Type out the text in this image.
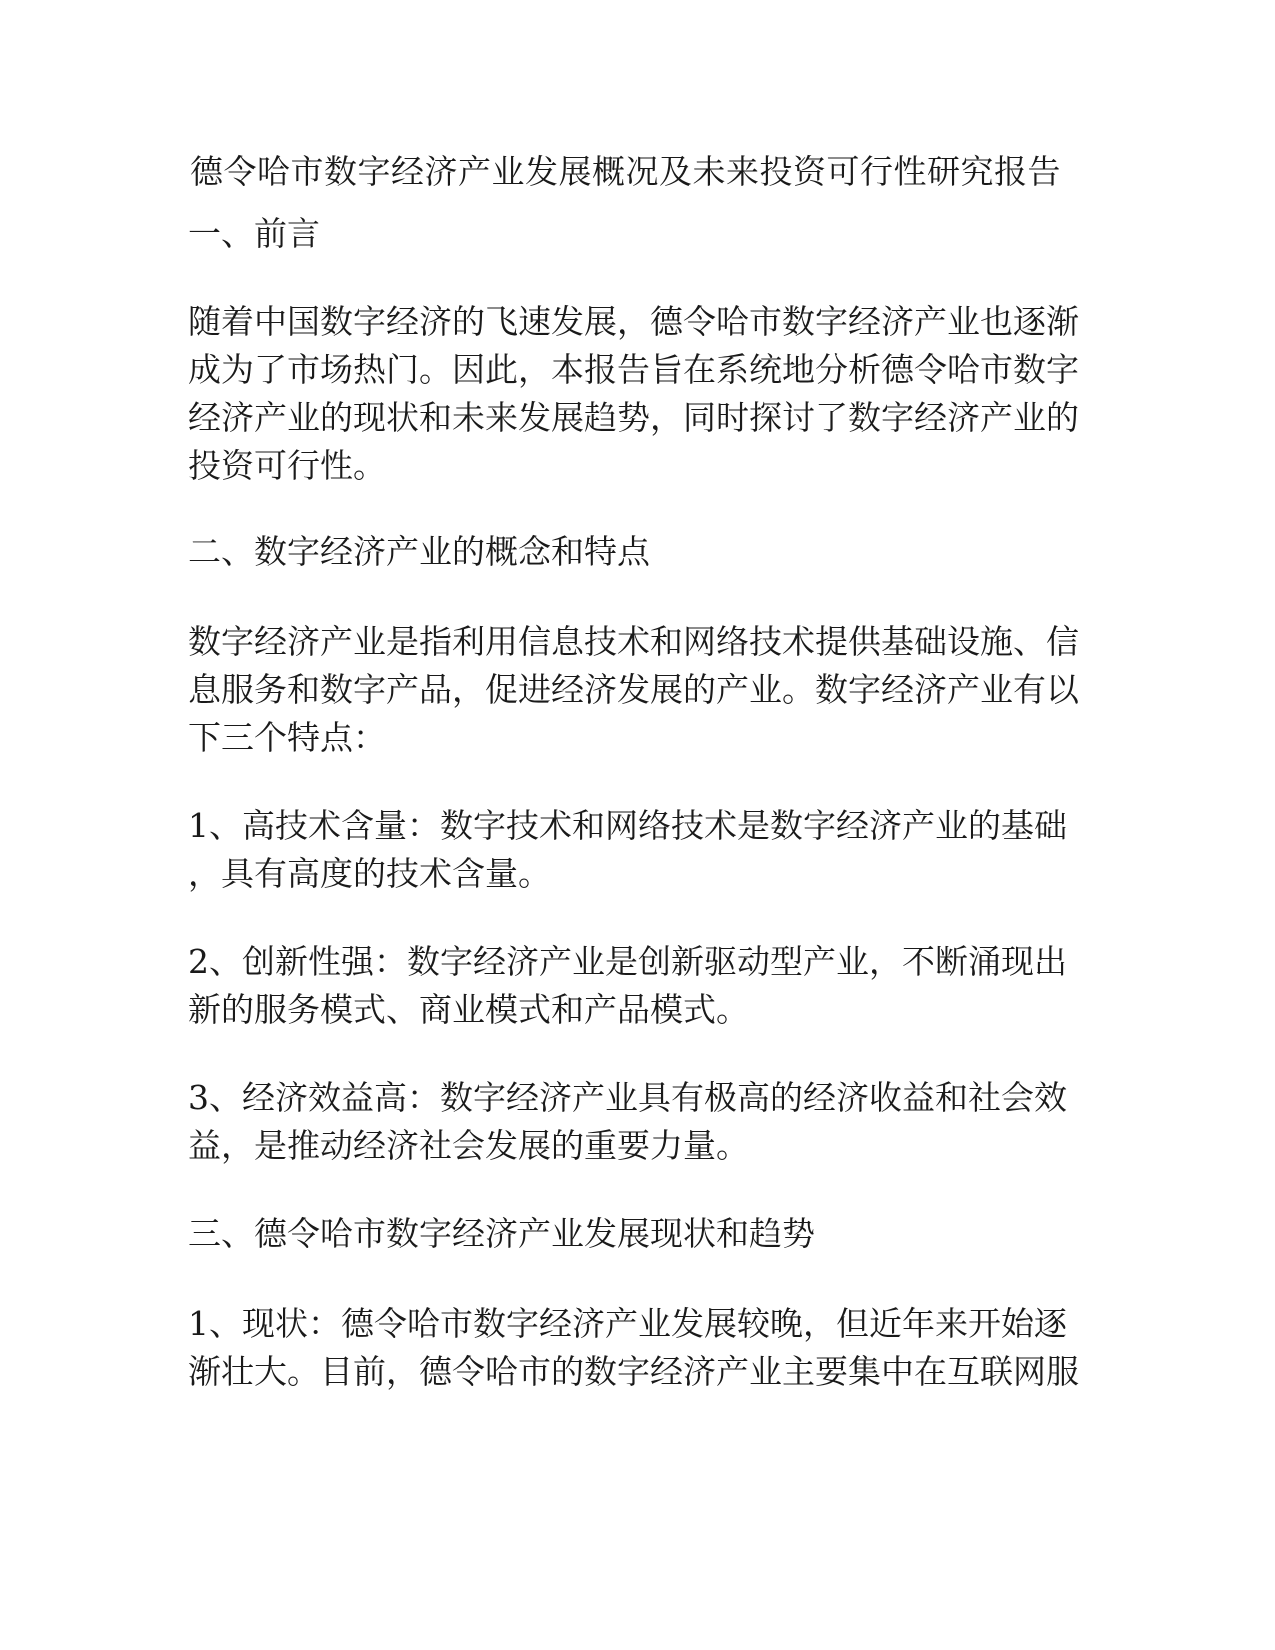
德令哈市数字经济产业发展概况及未来投资可行性研究报告
一、前言
随着中国数字经济的飞速发展，德令哈市数字经济产业也逐渐
成为了市场热门。因此，本报告旨在系统地分析德令哈市数字
经济产业的现状和未来发展趋势，同时探讨了数字经济产业的
投资可行性。
二、数字经济产业的概念和特点
数字经济产业是指利用信息技术和网络技术提供基础设施、信
息服务和数字产品，促进经济发展的产业。数字经济产业有以
下三个特点：
1、高技术含量：数字技术和网络技术是数字经济产业的基础
，具有高度的技术含量。
2、创新性强：数字经济产业是创新驱动型产业，不断涌现出
新的服务模式、商业模式和产品模式。
3、经济效益高：数字经济产业具有极高的经济收益和社会效
益，是推动经济社会发展的重要力量。
三、德令哈市数字经济产业发展现状和趋势
1、现状：德令哈市数字经济产业发展较晚，但近年来开始逐
渐壮大。目前，德令哈市的数字经济产业主要集中在互联网服
